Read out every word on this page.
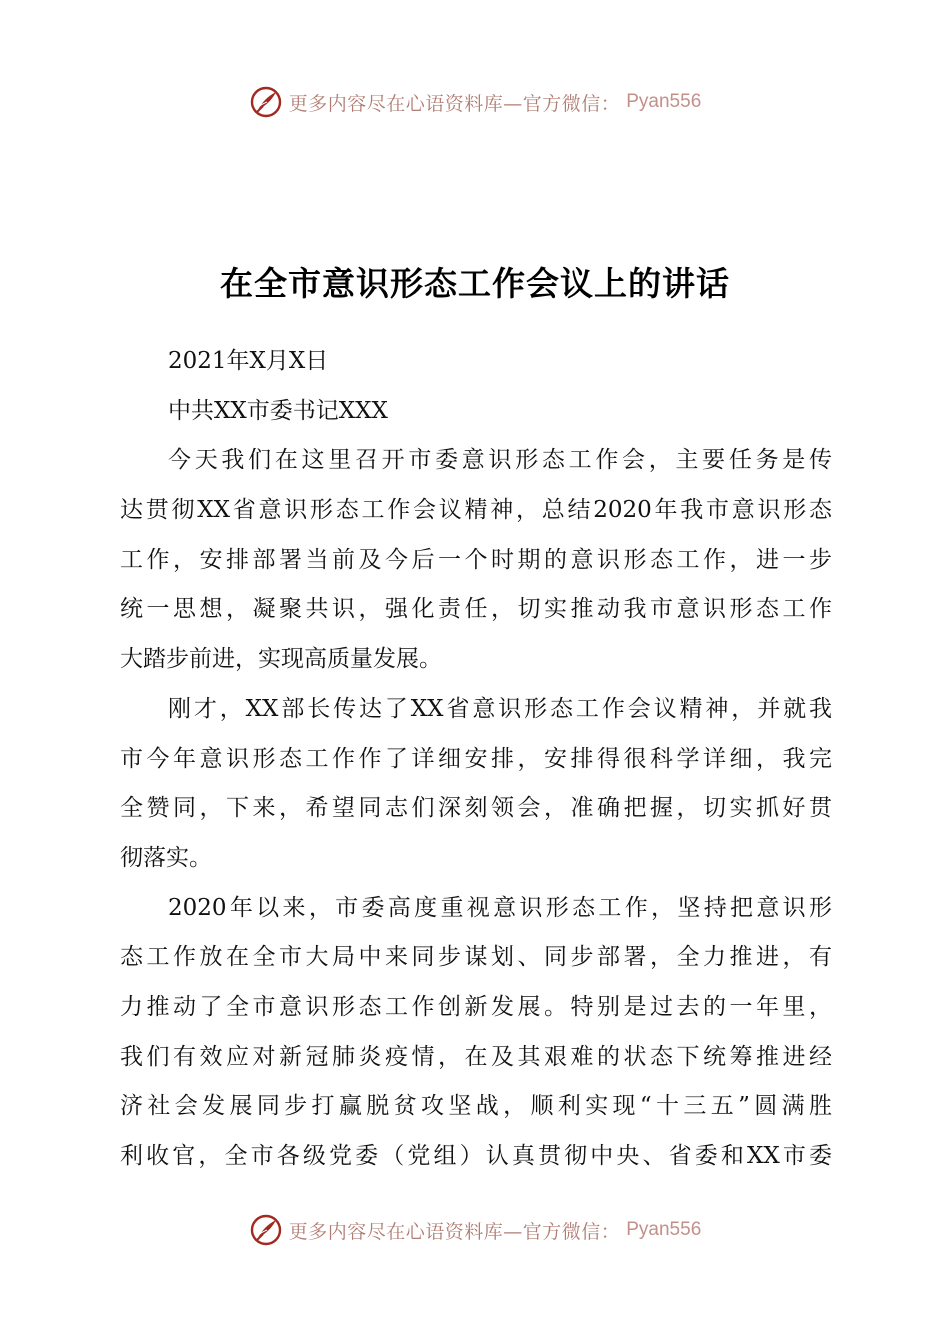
更多内容尽在心语资料库—官方微信： Pyan556
在全市意识形态工作会议上的讲话
2021年X月X日
中共XX市委书记XXX
今天我们在这里召开市委意识形态工作会，主要任务是传
达贯彻XX省意识形态工作会议精神，总结2020年我市意识形态
工作，安排部署当前及今后一个时期的意识形态工作，进一步
统一思想，凝聚共识，强化责任，切实推动我市意识形态工作
大踏步前进，实现高质量发展。
刚才，XX部长传达了XX省意识形态工作会议精神，并就我
市今年意识形态工作作了详细安排，安排得很科学详细，我完
全赞同，下来，希望同志们深刻领会，准确把握，切实抓好贯
彻落实。
2020年以来，市委高度重视意识形态工作，坚持把意识形
态工作放在全市大局中来同步谋划、同步部署，全力推进，有
力推动了全市意识形态工作创新发展。特别是过去的一年里，
我们有效应对新冠肺炎疫情，在及其艰难的状态下统筹推进经
济社会发展同步打赢脱贫攻坚战，顺利实现“十三五”圆满胜
利收官，全市各级党委（党组）认真贯彻中央、省委和XX市委
更多内容尽在心语资料库—官方微信： Pyan556
